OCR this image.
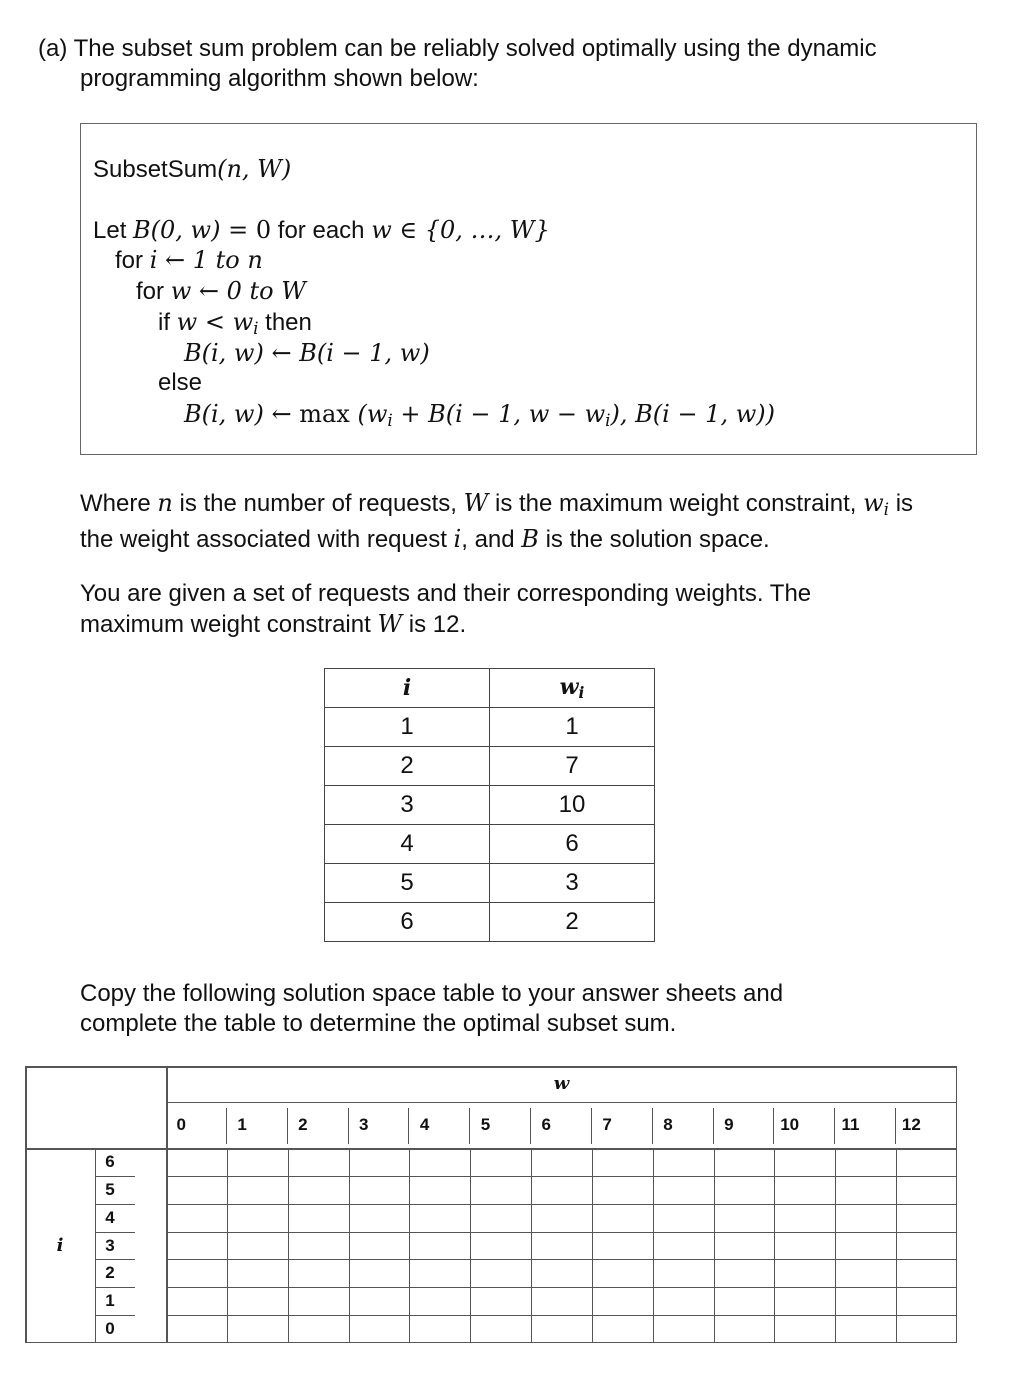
(a) The subset sum problem can be reliably solved optimally using the dynamic
programming algorithm shown below:
SubsetSum(n, W)
Let B(0, w) = 0 for each w ∈ {0, …, W}
for i ← 1 to n
for w ← 0 to W
if $w < w_i$ then
B(i, w) ← B(i − 1, w)
else
B(i, w) ← $\max (w_i + B(i - 1$, $w - w_i$), B(i − 1, w))
Where n is the number of requests, W is the maximum weight constraint, $w_i$ is
the weight associated with request i, and B is the solution space.
You are given a set of requests and their corresponding weights. The
maximum weight constraint W is 12.
i	$w_i$
1	1
2	7
3	10
4	6
5	3
6	2
Copy the following solution space table to your answer sheets and
complete the table to determine the optimal subset sum.
w
0	1	2	3	4	5	6	7	8	9	10	11	12
i
6
5
4
3
2
1
0
